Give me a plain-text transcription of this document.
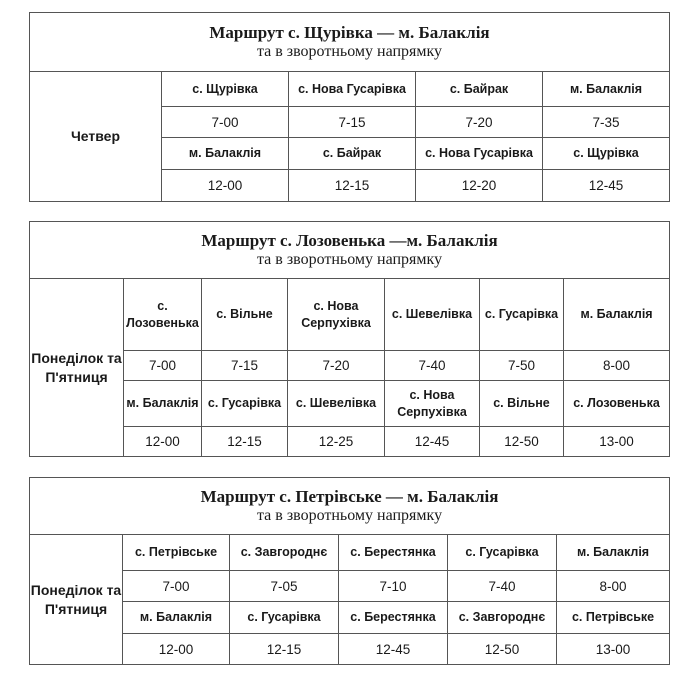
Маршрут с. Щурівка — м. Балаклія
та в зворотньому напрямку				

Четвер	с. Щурівка	с. Нова Гусарівка	с. Байрак	м. Балаклія
	7-00	7-15	7-20	7-35
	м. Балаклія	с. Байрак	с. Нова Гусарівка	с. Щурівка
	12-00	12-15	12-20	12-45
Маршрут с. Лозовенька —м. Балаклія
та в зворотньому напрямку						

Понеділок та П'ятниця	с. Лозовенька	с. Вільне	с. Нова Серпухівка	с. Шевелівка	с. Гусарівка	м. Балаклія
	7-00	7-15	7-20	7-40	7-50	8-00
	м. Балаклія	с. Гусарівка	с. Шевелівка	с. Нова Серпухівка	с. Вільне	с. Лозовенька
	12-00	12-15	12-25	12-45	12-50	13-00
Маршрут с. Петрівське — м. Балаклія
та в зворотньому напрямку					

Понеділок та П'ятниця	с. Петрівське	с. Завгороднє	с. Берестянка	с. Гусарівка	м. Балаклія
	7-00	7-05	7-10	7-40	8-00
	м. Балаклія	с. Гусарівка	с. Берестянка	с. Завгороднє	с. Петрівське
	12-00	12-15	12-45	12-50	13-00
